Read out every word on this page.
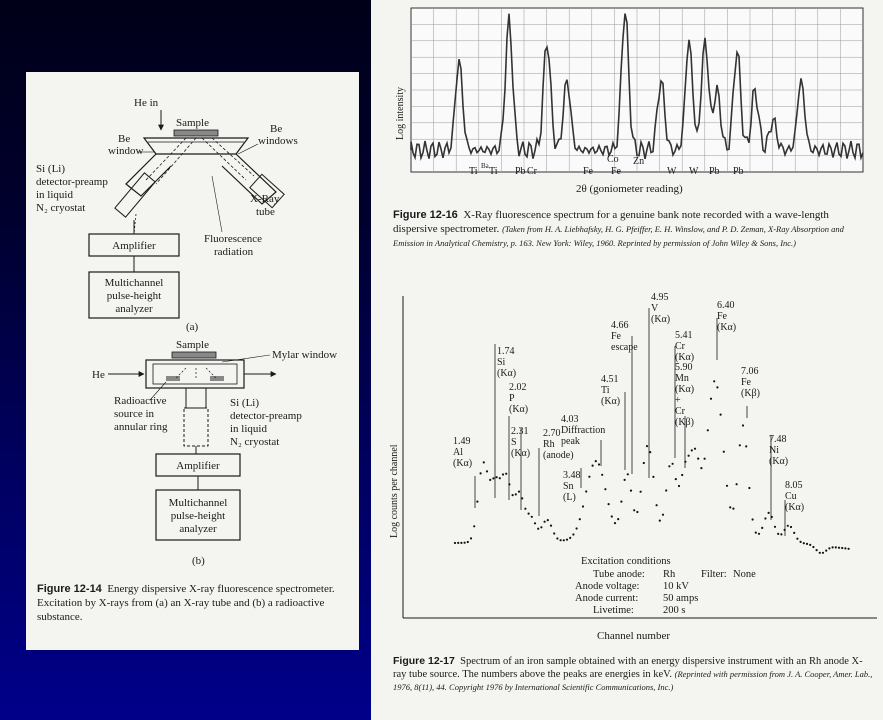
He in
Sample
Be window
Be windows
Si (Li) detector-preamp in liquid N₂ cryostat
X-Ray tube
Amplifier
Fluorescence radiation
Multichannel pulse-height analyzer
(a)
Sample
Mylar window
He
Radioactive source in annular ring
Si (Li) detector-preamp in liquid N₂ cryostat
Amplifier
Multichannel pulse-height analyzer
(b)
Figure 12-14 Energy dispersive X-ray fluorescence spectrometer. Excitation by X-rays from (a) an X-ray tube and (b) a radioactive substance.
Ti Ba Ti Pb Cr	Fe
Co
Fe
Zn
W W Pb Pb
Log intensity
2θ (goniometer reading)
Figure 12-16 X-Ray fluorescence spectrum for a genuine bank note recorded with a wave-length dispersive spectrometer. (Taken from H. A. Liebhafsky, H. G. Pfeiffer, E. H. Winslow, and P. D. Zeman, X-Ray Absorption and Emission in Analytical Chemistry, p. 163. New York: Wiley, 1960. Reprinted by permission of John Wiley & Sons, Inc.)
1.49 Al (Kα)
1.74 Si (Kα)
2.02 P (Kα)
2.31 S (Kα)
2.70 Rh (anode)
3.48 Sn (L)
4.03 Diffraction peak
4.51 Ti (Kα)
4.66 Fe escape
4.95 V (Kα)
5.41 Cr (Kα)
5.90 Mn (Kα) + Cr (Kβ)
6.40 Fe (Kα)
7.06 Fe (Kβ)
7.48 Ni (Kα)
8.05 Cu (Kα)
Log counts per channel
Channel number
Excitation conditions
Tube anode: Rh Filter: None
Anode voltage: 10 kV
Anode current: 50 amps
Livetime:	200 s
Figure 12-17 Spectrum of an iron sample obtained with an energy dispersive instrument with an Rh anode X-ray tube source. The numbers above the peaks are energies in keV. (Reprinted with permission from J. A. Cooper, Amer. Lab., 1976, 8(11), 44. Copyright 1976 by International Scientific Communications, Inc.)
